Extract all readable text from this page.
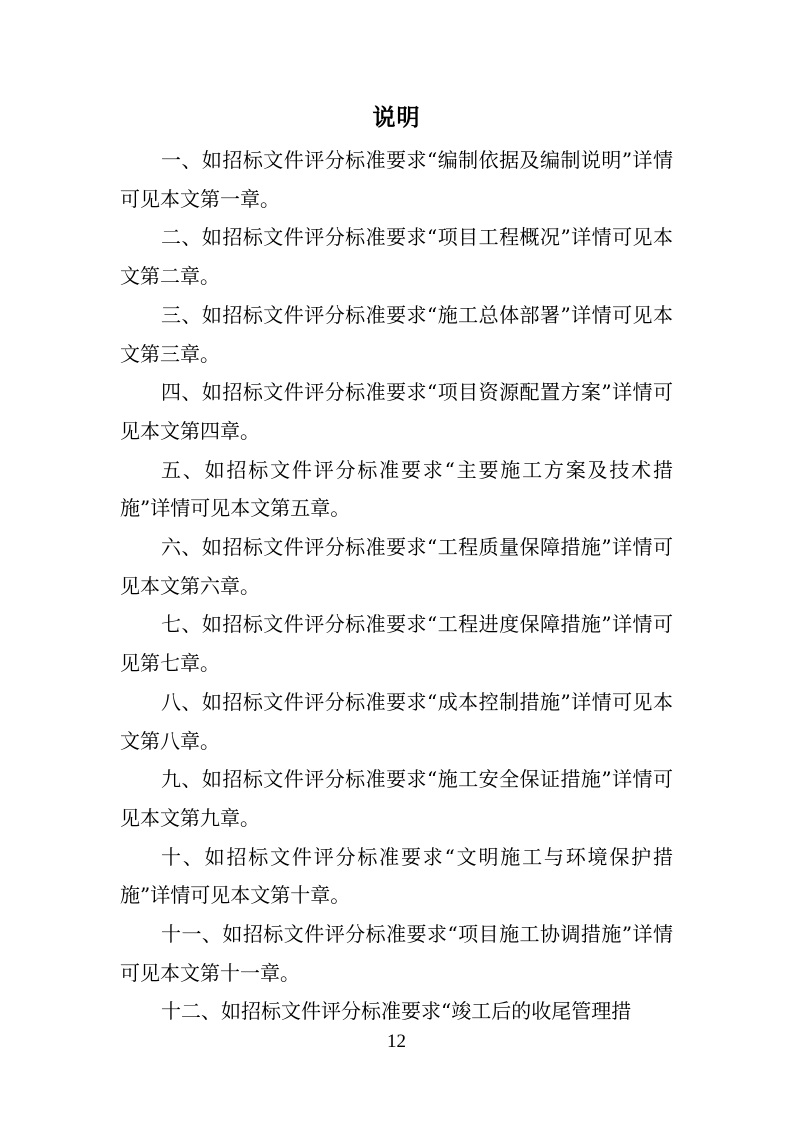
说明

一、如招标文件评分标准要求“编制依据及编制说明”详情可见本文第一章。

二、如招标文件评分标准要求“项目工程概况”详情可见本文第二章。

三、如招标文件评分标准要求“施工总体部署”详情可见本文第三章。

四、如招标文件评分标准要求“项目资源配置方案”详情可见本文第四章。

五、如招标文件评分标准要求“主要施工方案及技术措施”详情可见本文第五章。

六、如招标文件评分标准要求“工程质量保障措施”详情可见本文第六章。

七、如招标文件评分标准要求“工程进度保障措施”详情可见第七章。

八、如招标文件评分标准要求“成本控制措施”详情可见本文第八章。

九、如招标文件评分标准要求“施工安全保证措施”详情可见本文第九章。

十、如招标文件评分标准要求“文明施工与环境保护措施”详情可见本文第十章。

十一、如招标文件评分标准要求“项目施工协调措施”详情可见本文第十一章。

十二、如招标文件评分标准要求“竣工后的收尾管理措

12
